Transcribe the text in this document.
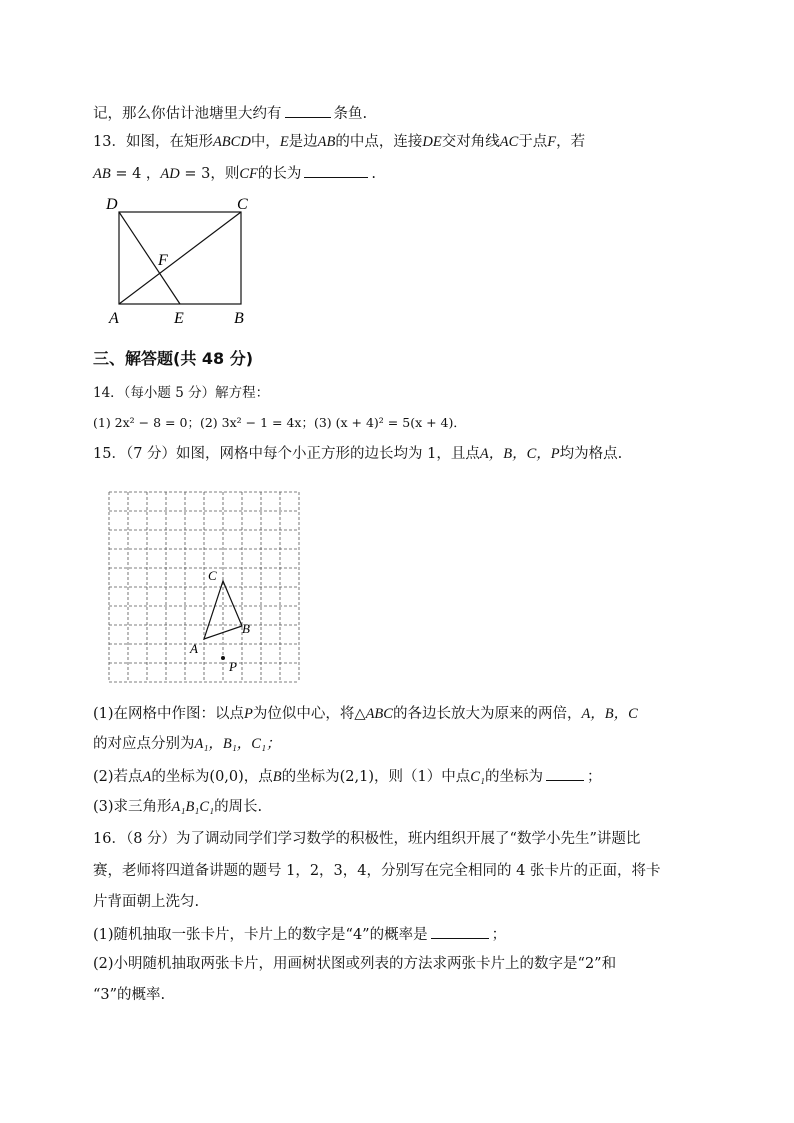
记，那么你估计池塘里大约有	条鱼.
13．如图，在矩形ABCD中，E是边AB的中点，连接DE交对角线AC于点F，若
AB = 4 ，AD = 3，则CF的长为	.
D	C
F
A	E	B
三、解答题(共 48 分)
14．（每小题 5 分）解方程：
(1) 2x² − 8 = 0；(2) 3x² − 1 = 4x；(3) (x + 4)² = 5(x + 4)．
15．（7 分）如图，网格中每个小正方形的边长均为 1，且点A，B，C，P均为格点.
C
B
A
P
(1)在网格中作图：以点P为位似中心，将△ABC的各边长放大为原来的两倍，A，B，C
的对应点分别为A₁，B₁，C₁；
(2)若点A的坐标为(0,0)，点B的坐标为(2,1)，则（1）中点C₁的坐标为	；
(3)求三角形A₁B₁C₁的周长.
16．（8 分）为了调动同学们学习数学的积极性，班内组织开展了“数学小先生”讲题比
赛，老师将四道备讲题的题号 1，2，3，4，分别写在完全相同的 4 张卡片的正面，将卡
片背面朝上洗匀.
(1)随机抽取一张卡片，卡片上的数字是“4”的概率是	；
(2)小明随机抽取两张卡片，用画树状图或列表的方法求两张卡片上的数字是“2”和
“3”的概率.
